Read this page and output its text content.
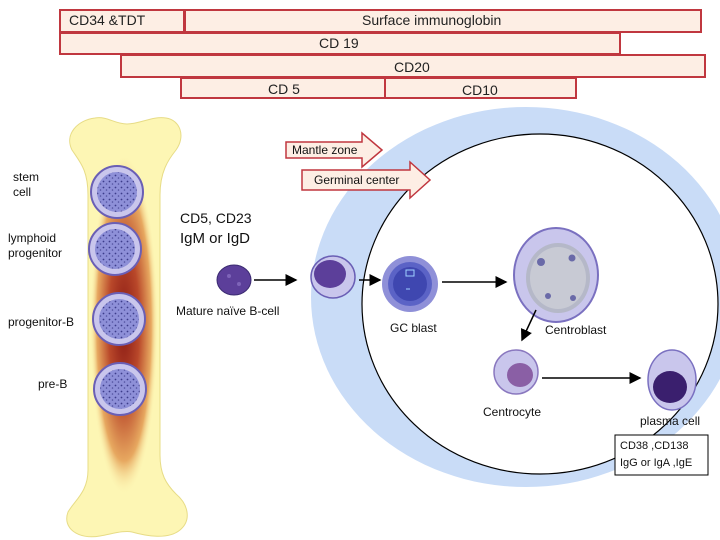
CD34 &TDT	Surface immunoglobin
CD 19
CD20
CD 5	CD10
Mantle zone
Germinal center
stem
cell
lymphoid
progenitor
progenitor-B
pre-B
CD5, CD23
IgM or IgD
Mature naïve B-cell
GC blast	Centroblast
Centrocyte
plasma cell
CD38 ,CD138
IgG or IgA ,IgE
